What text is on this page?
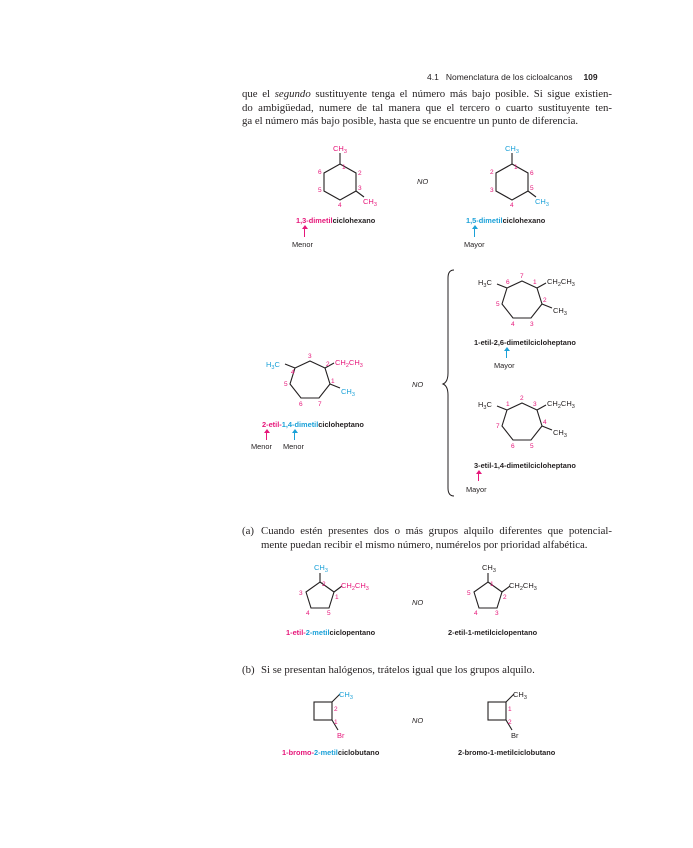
4.1 Nomenclatura de los cicloalcanos 109
que el segundo sustituyente tenga el número más bajo posible. Si sigue existien-
do ambigüedad, numere de tal manera que el tercero o cuarto sustituyente ten-
ga el número más bajo posible, hasta que se encuentre un punto de diferencia.
$CH_3$
$CH_3$
1
2
3
4
5
6
1,3-dimetilciclohexano
Menor
NO
$CH_3$
$CH_3$
1
2
3
4
5
6
1,5-dimetilciclohexano
Mayor
$H_3C$	$CH_2CH_3$
$CH_3$
1
2
3
4
5
6 7
2-etil-1,4-dimetilcicloheptano
Menor Menor
NO
$H_3C$	$CH_2CH_3$
$CH_3$
1
2
3
4
5
6
7
1-etil-2,6-dimetilcicloheptano
Mayor
$H_3C$	$CH_2CH_3$
$CH_3$
1
2
3
4
5
6
7
3-etil-1,4-dimetilcicloheptano
Mayor
(a) Cuando estén presentes dos o más grupos alquilo diferentes que potencial-
mente puedan recibir el mismo número, numérelos por prioridad alfabética.
$CH_3$
$CH_2CH_3$
1
2
3
4	5
1-etil-2-metilciclopentano
NO
$CH_3$
$CH_2CH_3$
1
2
3
4
5
2-etil-1-metilciclopentano
(b) Si se presentan halógenos, trátelos igual que los grupos alquilo.
$CH_3$
Br
1
2
1-bromo-2-metilciclobutano
NO
$CH_3$
Br
1
2
2-bromo-1-metilciclobutano
